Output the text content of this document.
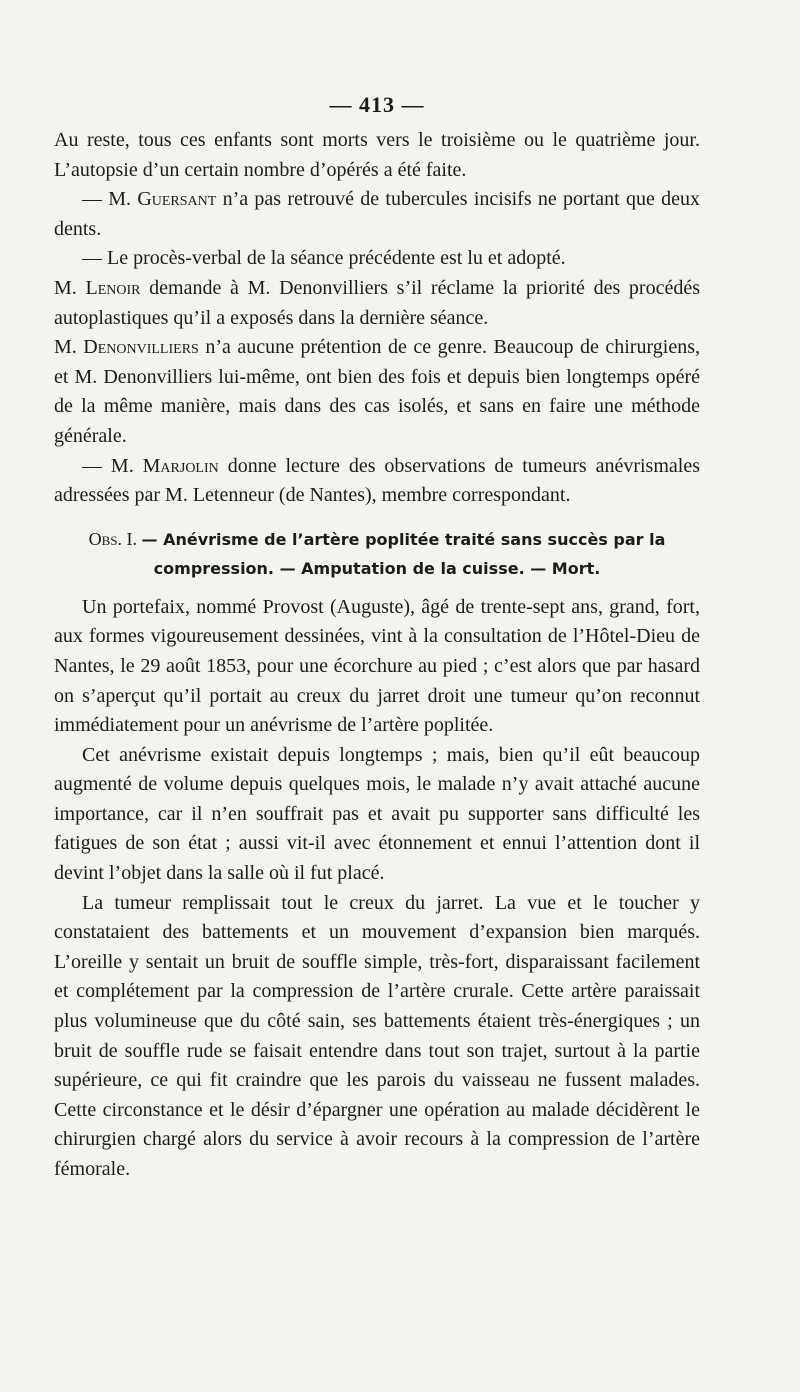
— 413 —

Au reste, tous ces enfants sont morts vers le troisième ou le quatrième jour. L’autopsie d’un certain nombre d’opérés a été faite.

— M. Guersant n’a pas retrouvé de tubercules incisifs ne portant que deux dents.

— Le procès-verbal de la séance précédente est lu et adopté.

M. Lenoir demande à M. Denonvilliers s’il réclame la priorité des procédés autoplastiques qu’il a exposés dans la dernière séance.

M. Denonvilliers n’a aucune prétention de ce genre. Beaucoup de chirurgiens, et M. Denonvilliers lui-même, ont bien des fois et depuis bien longtemps opéré de la même manière, mais dans des cas isolés, et sans en faire une méthode générale.

— M. Marjolin donne lecture des observations de tumeurs anévrismales adressées par M. Letenneur (de Nantes), membre correspondant.

Obs. I. — Anévrisme de l’artère poplitée traité sans succès par la
compression. — Amputation de la cuisse. — Mort.

Un portefaix, nommé Provost (Auguste), âgé de trente-sept ans, grand, fort, aux formes vigoureusement dessinées, vint à la consultation de l’Hôtel-Dieu de Nantes, le 29 août 1853, pour une écorchure au pied ; c’est alors que par hasard on s’aperçut qu’il portait au creux du jarret droit une tumeur qu’on reconnut immédiatement pour un anévrisme de l’artère poplitée.

Cet anévrisme existait depuis longtemps ; mais, bien qu’il eût beaucoup augmenté de volume depuis quelques mois, le malade n’y avait attaché aucune importance, car il n’en souffrait pas et avait pu supporter sans difficulté les fatigues de son état ; aussi vit-il avec étonnement et ennui l’attention dont il devint l’objet dans la salle où il fut placé.

La tumeur remplissait tout le creux du jarret. La vue et le toucher y constataient des battements et un mouvement d’expansion bien marqués. L’oreille y sentait un bruit de souffle simple, très-fort, disparaissant facilement et complétement par la compression de l’artère crurale. Cette artère paraissait plus volumineuse que du côté sain, ses battements étaient très-énergiques ; un bruit de souffle rude se faisait entendre dans tout son trajet, surtout à la partie supérieure, ce qui fit craindre que les parois du vaisseau ne fussent malades. Cette circonstance et le désir d’épargner une opération au malade décidèrent le chirurgien chargé alors du service à avoir recours à la compression de l’artère fémorale.
